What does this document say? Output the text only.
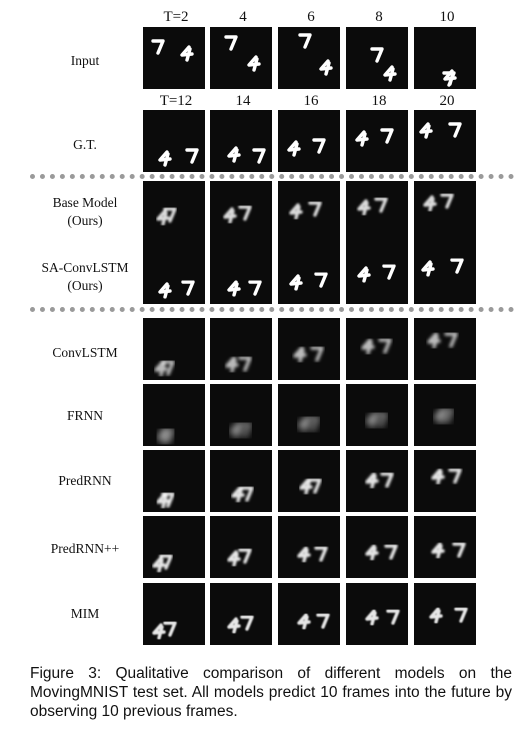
T=2	4	6	8	10
T=12	14	16	18	20
Input
G.T.
Base Model
(Ours)
SA-ConvLSTM
(Ours)
ConvLSTM
FRNN
PredRNN
PredRNN++
MIM
Figure 3: Qualitative comparison of different models on the MovingMNIST test set. All models predict 10 frames into the future by observing 10 previous frames.
